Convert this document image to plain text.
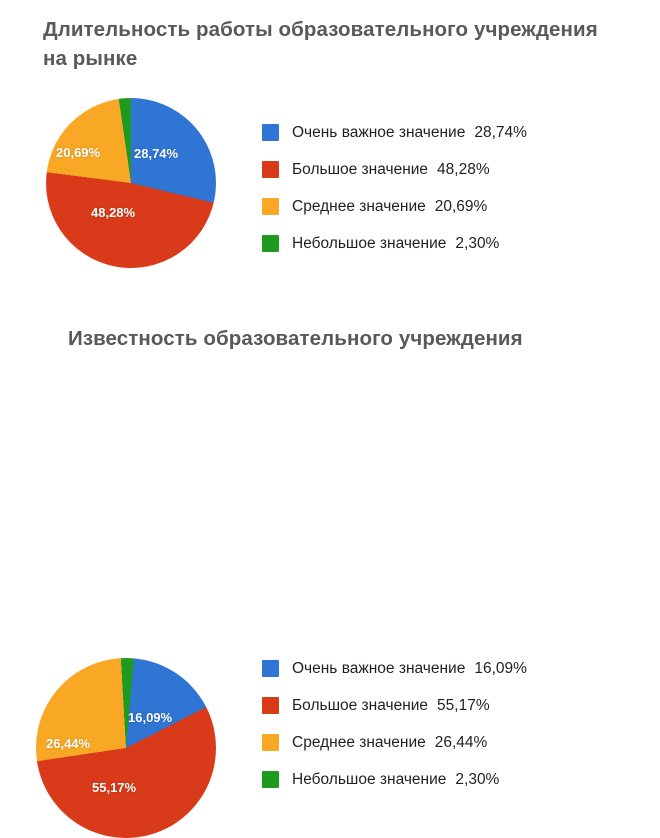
Длительность работы образовательного учреждения на рынке
28,74%
48,28%
20,69%
Очень важное значение 28,74%
Большое значение 48,28%
Среднее значение 20,69%
Небольшое значение 2,30%
Известность образовательного учреждения
16,09%
55,17%
26,44%
Очень важное значение 16,09%
Большое значение 55,17%
Среднее значение 26,44%
Небольшое значение 2,30%
